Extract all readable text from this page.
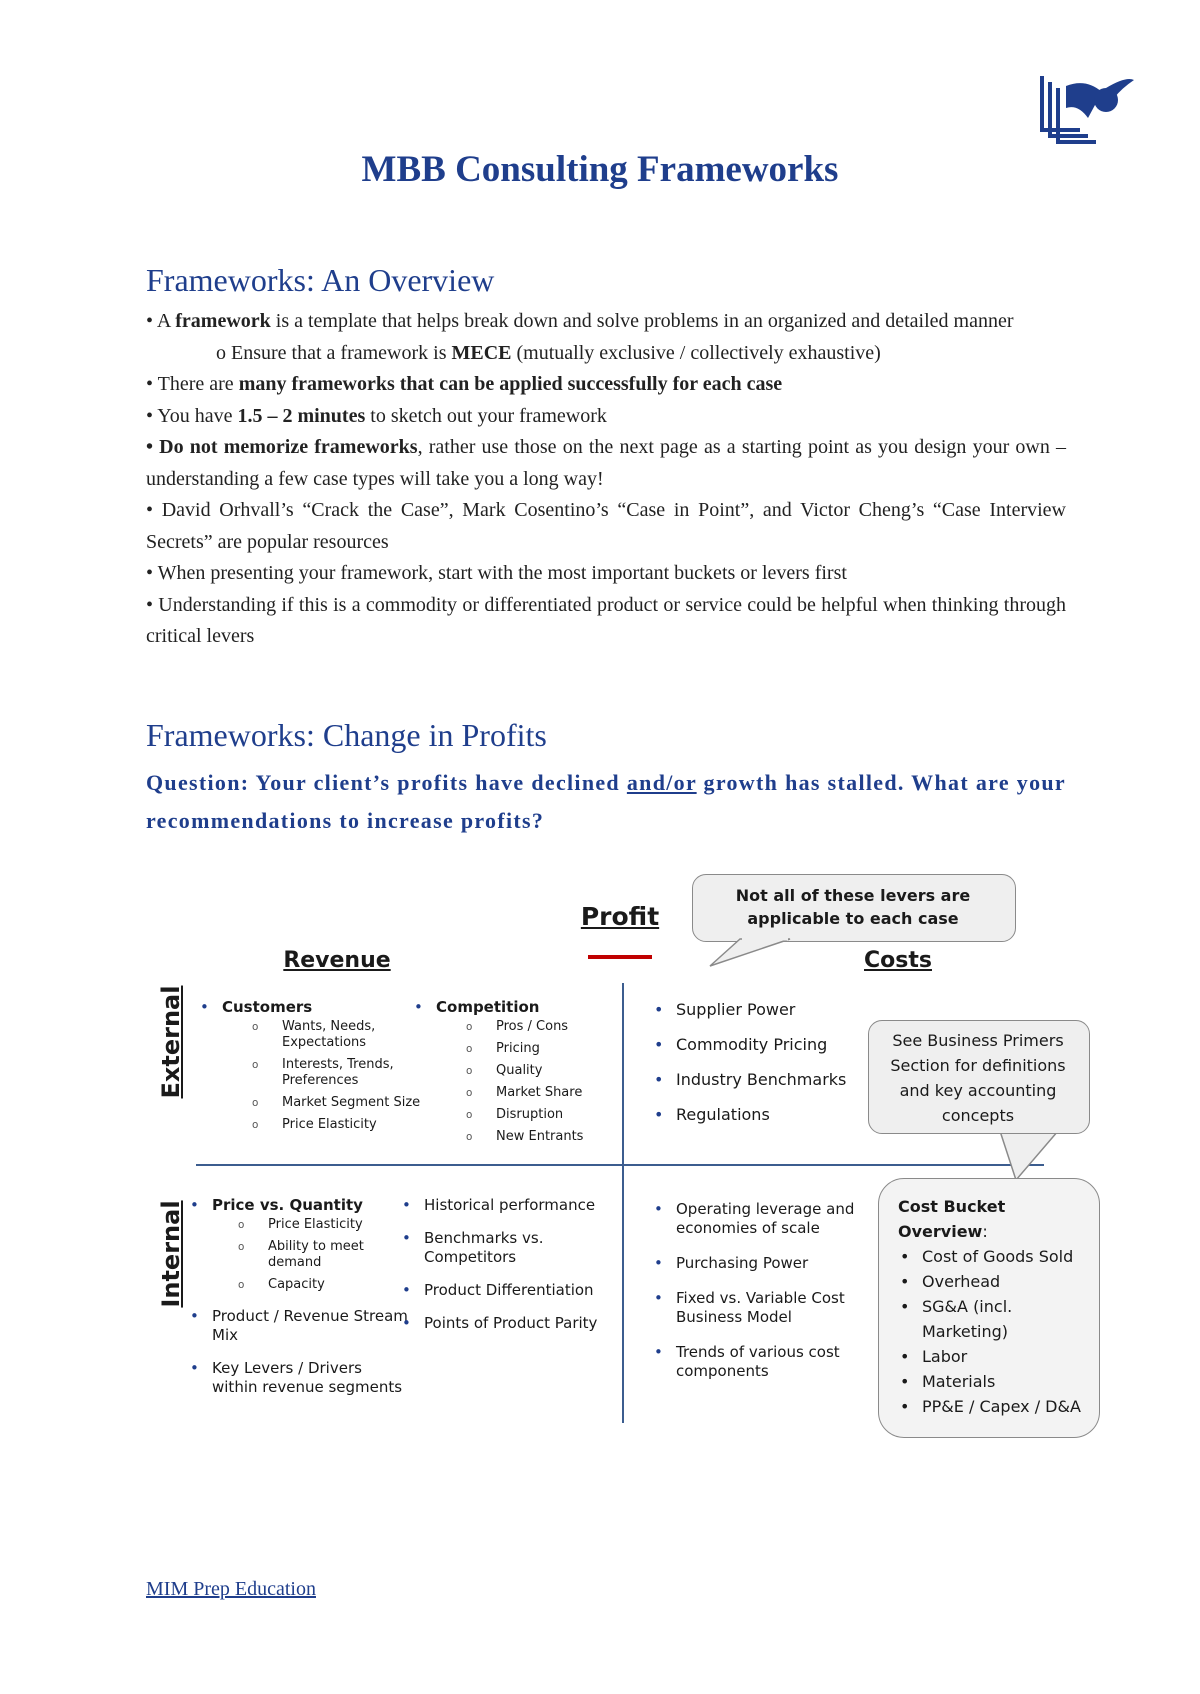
MBB Consulting Frameworks
Frameworks: An Overview

• A framework is a template that helps break down and solve problems in an organized and detailed manner

o Ensure that a framework is MECE (mutually exclusive / collectively exhaustive)

• There are many frameworks that can be applied successfully for each case

• You have 1.5 – 2 minutes to sketch out your framework

• Do not memorize frameworks, rather use those on the next page as a starting point as you design your own – understanding a few case types will take you a long way!

• David Orhvall’s “Crack the Case”, Mark Cosentino’s “Case in Point”, and Victor Cheng’s “Case Interview Secrets” are popular resources

• When presenting your framework, start with the most important buckets or levers first

• Understanding if this is a commodity or differentiated product or service could be helpful when thinking through critical levers

Frameworks: Change in Profits

Question: Your client’s profits have declined and/or growth has stalled. What are your recommendations to increase profits?

Profit
Revenue	Costs
External
Internal
Not all of these levers are applicable to each case
• Customers
o Wants, Needs, Expectations
o Interests, Trends, Preferences
o Market Segment Size
o Price Elasticity
• Competition
o Pros / Cons
o Pricing
o Quality
o Market Share
o Disruption
o New Entrants
• Supplier Power
• Commodity Pricing
• Industry Benchmarks
• Regulations
See Business Primers Section for definitions and key accounting concepts
• Price vs. Quantity
o Price Elasticity
o Ability to meet demand
o Capacity
• Product / Revenue Stream Mix
• Key Levers / Drivers within revenue segments
• Historical performance
• Benchmarks vs. Competitors
• Product Differentiation
• Points of Product Parity
• Operating leverage and economies of scale
• Purchasing Power
• Fixed vs. Variable Cost Business Model
• Trends of various cost components
Cost Bucket Overview:
• Cost of Goods Sold
• Overhead
• SG&A (incl. Marketing)
• Labor
• Materials
• PP&E / Capex / D&A
MIM Prep Education
